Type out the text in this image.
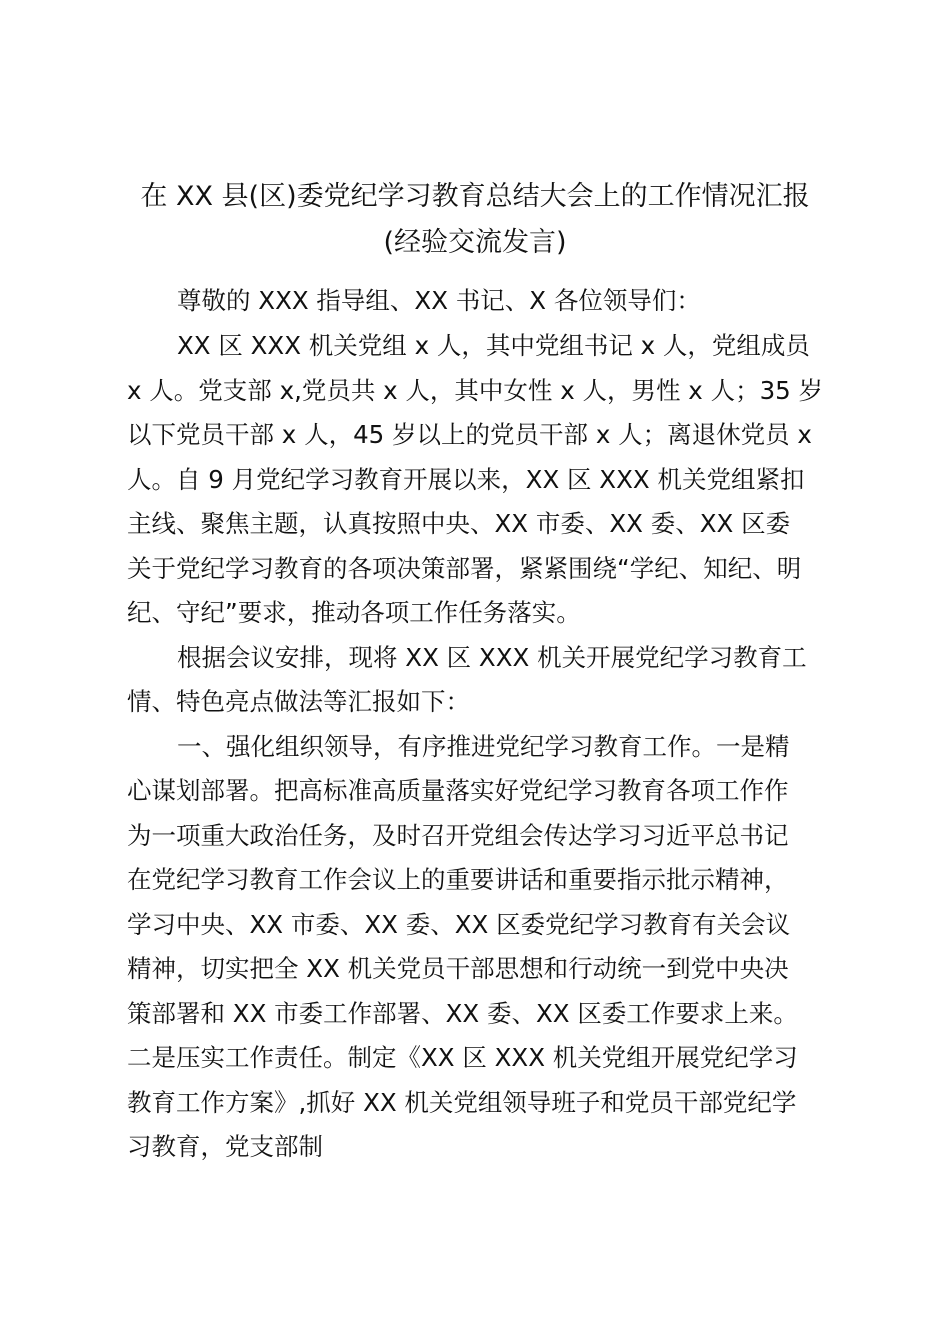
在 XX 县(区)委党纪学习教育总结大会上的工作情况汇报
(经验交流发言)

尊敬的 XXX 指导组、XX 书记、X 各位领导们：

XX 区 XXX 机关党组 x 人，其中党组书记 x 人，党组成员

x 人。党支部 x,党员共 x 人，其中女性 x 人，男性 x 人；35 岁

以下党员干部 x 人，45 岁以上的党员干部 x 人；离退休党员 x

人。自 9 月党纪学习教育开展以来，XX 区 XXX 机关党组紧扣

主线、聚焦主题，认真按照中央、XX 市委、XX 委、XX 区委

关于党纪学习教育的各项决策部署，紧紧围绕“学纪、知纪、明

纪、守纪”要求，推动各项工作任务落实。

根据会议安排，现将 XX 区 XXX 机关开展党纪学习教育工

情、特色亮点做法等汇报如下：

一、强化组织领导，有序推进党纪学习教育工作。一是精

心谋划部署。把高标准高质量落实好党纪学习教育各项工作作

为一项重大政治任务，及时召开党组会传达学习习近平总书记

在党纪学习教育工作会议上的重要讲话和重要指示批示精神，

学习中央、XX 市委、XX 委、XX 区委党纪学习教育有关会议

精神，切实把全 XX 机关党员干部思想和行动统一到党中央决

策部署和 XX 市委工作部署、XX 委、XX 区委工作要求上来。

二是压实工作责任。制定《XX 区 XXX 机关党组开展党纪学习

教育工作方案》,抓好 XX 机关党组领导班子和党员干部党纪学

习教育，党支部制
